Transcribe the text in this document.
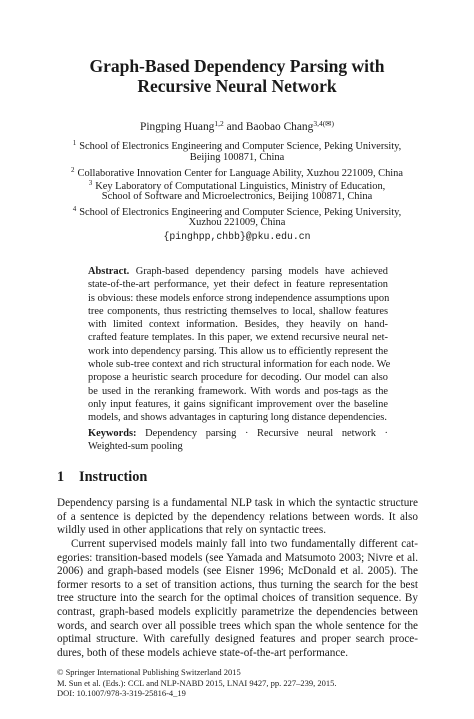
Graph-Based Dependency Parsing with
Recursive Neural Network
Pingping Huang$^{1,2}$ and Baobao Chang$^{3,4(✉)}$
$^1$ School of Electronics Engineering and Computer Science, Peking University,
Beijing 100871, China
$^2$ Collaborative Innovation Center for Language Ability, Xuzhou 221009, China
$^3$ Key Laboratory of Computational Linguistics, Ministry of Education,
School of Software and Microelectronics, Beijing 100871, China
$^4$ School of Electronics Engineering and Computer Science, Peking University,
Xuzhou 221009, China
{pinghpp,chbb}@pku.edu.cn
Abstract. Graph-based dependency parsing models have achieved
state-of-the-art performance, yet their defect in feature representation
is obvious: these models enforce strong independence assumptions upon
tree components, thus restricting themselves to local, shallow features
with limited context information. Besides, they heavily on hand-
crafted feature templates. In this paper, we extend recursive neural net-
work into dependency parsing. This allow us to efficiently represent the
whole sub-tree context and rich structural information for each node. We
propose a heuristic search procedure for decoding. Our model can also
be used in the reranking framework. With words and pos-tags as the
only input features, it gains significant improvement over the baseline
models, and shows advantages in capturing long distance dependencies.
Keywords: Dependency parsing · Recursive neural network ·
Weighted-sum pooling
1 Instruction
Dependency parsing is a fundamental NLP task in which the syntactic structure
of a sentence is depicted by the dependency relations between words. It also
wildly used in other applications that rely on syntactic trees.
Current supervised models mainly fall into two fundamentally different cat-
egories: transition-based models (see Yamada and Matsumoto 2003; Nivre et al.
2006) and graph-based models (see Eisner 1996; McDonald et al. 2005). The
former resorts to a set of transition actions, thus turning the search for the best
tree structure into the search for the optimal choices of transition sequence. By
contrast, graph-based models explicitly parametrize the dependencies between
words, and search over all possible trees which span the whole sentence for the
optimal structure. With carefully designed features and proper search proce-
dures, both of these models achieve state-of-the-art performance.
© Springer International Publishing Switzerland 2015
M. Sun et al. (Eds.): CCL and NLP-NABD 2015, LNAI 9427, pp. 227–239, 2015.
DOI: 10.1007/978-3-319-25816-4_19
